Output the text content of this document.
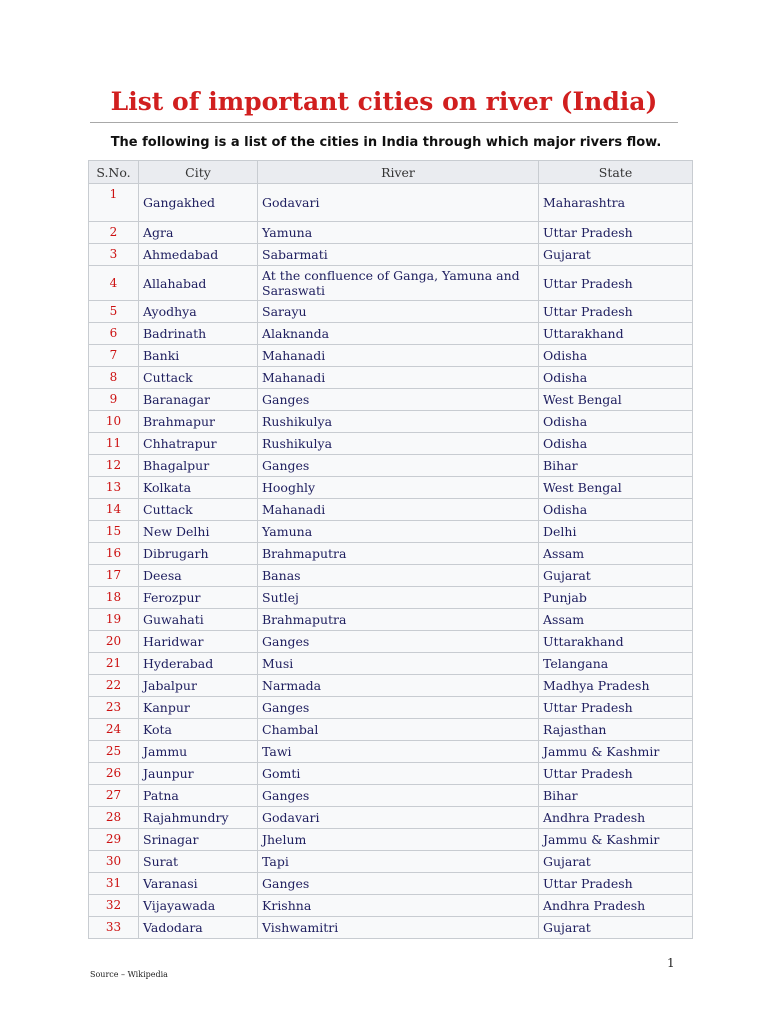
List of important cities on river (India)

The following is a list of the cities in India through which major rivers flow.

S.No.	City	River	State
1	Gangakhed	Godavari	Maharashtra
2	Agra	Yamuna	Uttar Pradesh
3	Ahmedabad	Sabarmati	Gujarat
4	Allahabad	At the confluence of Ganga, Yamuna and Saraswati	Uttar Pradesh
5	Ayodhya	Sarayu	Uttar Pradesh
6	Badrinath	Alaknanda	Uttarakhand
7	Banki	Mahanadi	Odisha
8	Cuttack	Mahanadi	Odisha
9	Baranagar	Ganges	West Bengal
10	Brahmapur	Rushikulya	Odisha
11	Chhatrapur	Rushikulya	Odisha
12	Bhagalpur	Ganges	Bihar
13	Kolkata	Hooghly	West Bengal
14	Cuttack	Mahanadi	Odisha
15	New Delhi	Yamuna	Delhi
16	Dibrugarh	Brahmaputra	Assam
17	Deesa	Banas	Gujarat
18	Ferozpur	Sutlej	Punjab
19	Guwahati	Brahmaputra	Assam
20	Haridwar	Ganges	Uttarakhand
21	Hyderabad	Musi	Telangana
22	Jabalpur	Narmada	Madhya Pradesh
23	Kanpur	Ganges	Uttar Pradesh
24	Kota	Chambal	Rajasthan
25	Jammu	Tawi	Jammu & Kashmir
26	Jaunpur	Gomti	Uttar Pradesh
27	Patna	Ganges	Bihar
28	Rajahmundry	Godavari	Andhra Pradesh
29	Srinagar	Jhelum	Jammu & Kashmir
30	Surat	Tapi	Gujarat
31	Varanasi	Ganges	Uttar Pradesh
32	Vijayawada	Krishna	Andhra Pradesh
33	Vadodara	Vishwamitri	Gujarat

1

Source – Wikipedia
